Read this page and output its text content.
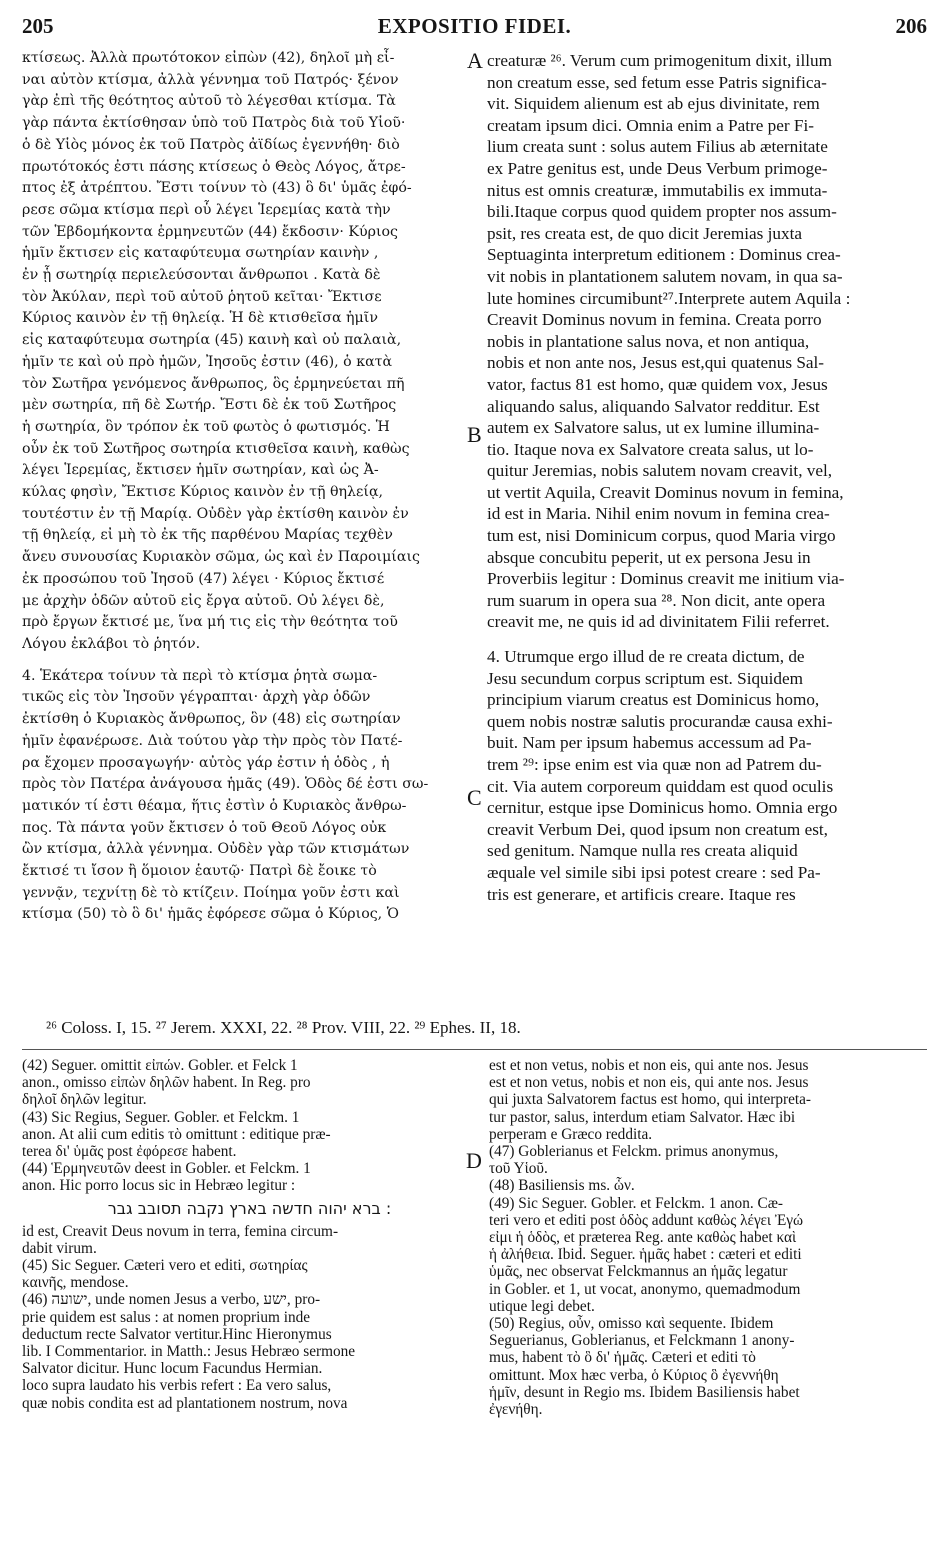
205	EXPOSITIO FIDEI.	206
κτίσεως. Ἀλλὰ πρωτότοκον εἰπὼν (42), δηλοῖ μὴ εἶ-
ναι αὐτὸν κτίσμα, ἀλλὰ γέννημα τοῦ Πατρός· ξένον
γὰρ ἐπὶ τῆς θεότητος αὐτοῦ τὸ λέγεσθαι κτίσμα. Τὰ
γὰρ πάντα ἐκτίσθησαν ὑπὸ τοῦ Πατρὸς διὰ τοῦ Υἱοῦ·
ὁ δὲ Υἱὸς μόνος ἐκ τοῦ Πατρὸς ἀϊδίως ἐγεννήθη· διὸ
πρωτότοκός ἐστι πάσης κτίσεως ὁ Θεὸς Λόγος, ἄτρε-
πτος ἐξ ἀτρέπτου. Ἔστι τοίνυν τὸ (43) ὃ δι' ὑμᾶς ἐφό-
ρεσε σῶμα κτίσμα περὶ οὗ λέγει Ἱερεμίας κατὰ τὴν
τῶν Ἑβδομήκοντα ἑρμηνευτῶν (44) ἔκδοσιν· Κύριος
ἡμῖν ἔκτισεν εἰς καταφύτευμα σωτηρίαν καινὴν ,
ἐν ᾗ σωτηρίᾳ περιελεύσονται ἄνθρωποι . Κατὰ δὲ
τὸν Ἀκύλαν, περὶ τοῦ αὐτοῦ ῥητοῦ κεῖται· Ἔκτισε
Κύριος καινὸν ἐν τῇ θηλείᾳ. Ἡ δὲ κτισθεῖσα ἡμῖν
εἰς καταφύτευμα σωτηρία (45) καινὴ καὶ οὐ παλαιὰ,
ἡμῖν τε καὶ οὐ πρὸ ἡμῶν, Ἰησοῦς ἐστιν (46), ὁ κατὰ
τὸν Σωτῆρα γενόμενος ἄνθρωπος, ὃς ἑρμηνεύεται πῆ
μὲν σωτηρία, πῆ δὲ Σωτήρ. Ἔστι δὲ ἐκ τοῦ Σωτῆρος
ἡ σωτηρία, ὃν τρόπον ἐκ τοῦ φωτὸς ὁ φωτισμός. Ἡ
οὖν ἐκ τοῦ Σωτῆρος σωτηρία κτισθεῖσα καινὴ, καθὼς
λέγει Ἱερεμίας, ἔκτισεν ἡμῖν σωτηρίαν, καὶ ὡς Ἀ-
κύλας φησὶν, Ἔκτισε Κύριος καινὸν ἐν τῇ θηλείᾳ,
τουτέστιν ἐν τῇ Μαρίᾳ. Οὐδὲν γὰρ ἐκτίσθη καινὸν ἐν
τῇ θηλείᾳ, εἰ μὴ τὸ ἐκ τῆς παρθένου Μαρίας τεχθὲν
ἄνευ συνουσίας Κυριακὸν σῶμα, ὡς καὶ ἐν Παροιμίαις
ἐκ προσώπου τοῦ Ἰησοῦ (47) λέγει · Κύριος ἔκτισέ
με ἀρχὴν ὁδῶν αὐτοῦ εἰς ἔργα αὐτοῦ. Οὐ λέγει δὲ,
πρὸ ἔργων ἔκτισέ με, ἵνα μή τις εἰς τὴν θεότητα τοῦ
Λόγου ἐκλάβοι τὸ ῥητόν.
4. Ἑκάτερα τοίνυν τὰ περὶ τὸ κτίσμα ῥητὰ σωμα-
τικῶς εἰς τὸν Ἰησοῦν γέγραπται· ἀρχὴ γὰρ ὁδῶν
ἐκτίσθη ὁ Κυριακὸς ἄνθρωπος, ὃν (48) εἰς σωτηρίαν
ἡμῖν ἐφανέρωσε. Διὰ τούτου γὰρ τὴν πρὸς τὸν Πατέ-
ρα ἔχομεν προσαγωγήν· αὐτὸς γάρ ἐστιν ἡ ὁδὸς , ἡ
πρὸς τὸν Πατέρα ἀνάγουσα ἡμᾶς (49). Ὁδὸς δέ ἐστι σω-
ματικόν τί ἐστι θέαμα, ἥτις ἐστὶν ὁ Κυριακὸς ἄνθρω-
πος. Τὰ πάντα γοῦν ἔκτισεν ὁ τοῦ Θεοῦ Λόγος οὐκ
ὢν κτίσμα, ἀλλὰ γέννημα. Οὐδὲν γὰρ τῶν κτισμάτων
ἔκτισέ τι ἴσον ἢ ὅμοιον ἑαυτῷ· Πατρὶ δὲ ἔοικε τὸ
γεννᾷν, τεχνίτῃ δὲ τὸ κτίζειν. Ποίημα γοῦν ἐστι καὶ
κτίσμα (50) τὸ ὃ δι' ἡμᾶς ἐφόρεσε σῶμα ὁ Κύριος, Ὁ
A
B
C
D
creaturæ ²⁶. Verum cum primogenitum dixit, illum
non creatum esse, sed fetum esse Patris significa-
vit. Siquidem alienum est ab ejus divinitate, rem
creatam ipsum dici. Omnia enim a Patre per Fi-
lium creata sunt : solus autem Filius ab æternitate
ex Patre genitus est, unde Deus Verbum primoge-
nitus est omnis creaturæ, immutabilis ex immuta-
bili.Itaque corpus quod quidem propter nos assum-
psit, res creata est, de quo dicit Jeremias juxta
Septuaginta interpretum editionem : Dominus crea-
vit nobis in plantationem salutem novam, in qua sa-
lute homines circumibunt²⁷.Interprete autem Aquila :
Creavit Dominus novum in femina. Creata porro
nobis in plantatione salus nova, et non antiqua,
nobis et non ante nos, Jesus est,qui quatenus Sal-
vator, factus 81 est homo, quæ quidem vox, Jesus
aliquando salus, aliquando Salvator redditur. Est
autem ex Salvatore salus, ut ex lumine illumina-
tio. Itaque nova ex Salvatore creata salus, ut lo-
quitur Jeremias, nobis salutem novam creavit, vel,
ut vertit Aquila, Creavit Dominus novum in femina,
id est in Maria. Nihil enim novum in femina crea-
tum est, nisi Dominicum corpus, quod Maria virgo
absque concubitu peperit, ut ex persona Jesu in
Proverbiis legitur : Dominus creavit me initium via-
rum suarum in opera sua ²⁸. Non dicit, ante opera
creavit me, ne quis id ad divinitatem Filii referret.
4. Utrumque ergo illud de re creata dictum, de
Jesu secundum corpus scriptum est. Siquidem
principium viarum creatus est Dominicus homo,
quem nobis nostræ salutis procurandæ causa exhi-
buit. Nam per ipsum habemus accessum ad Pa-
trem ²⁹: ipse enim est via quæ non ad Patrem du-
cit. Via autem corporeum quiddam est quod oculis
cernitur, estque ipse Dominicus homo. Omnia ergo
creavit Verbum Dei, quod ipsum non creatum est,
sed genitum. Namque nulla res creata aliquid
æquale vel simile sibi ipsi potest creare : sed Pa-
tris est generare, et artificis creare. Itaque res
²⁶ Coloss. I, 15. ²⁷ Jerem. XXXI, 22. ²⁸ Prov. VIII, 22. ²⁹ Ephes. II, 18.
(42) Seguer. omittit εἰπών. Gobler. et Felck 1
anon., omisso εἰπὼν δηλῶν habent. In Reg. pro
δηλοῖ δηλῶν legitur.
(43) Sic Regius, Seguer. Gobler. et Felckm. 1
anon. At alii cum editis τὸ omittunt : editique præ-
terea δι' ὑμᾶς post ἐφόρεσε habent.
(44) Ἑρμηνευτῶν deest in Gobler. et Felckm. 1
anon. Hic porro locus sic in Hebræo legitur :
ברא יהוה חדשה בארץ נקבה תסובב גבר :
id est, Creavit Deus novum in terra, femina circum-
dabit virum.
(45) Sic Seguer. Cæteri vero et editi, σωτηρίας
καινῆς, mendose.
(46) ישועה, unde nomen Jesus a verbo, ישע, pro-
prie quidem est salus : at nomen proprium inde
deductum recte Salvator vertitur.Hinc Hieronymus
lib. I Commentarior. in Matth.: Jesus Hebræo sermone
Salvator dicitur. Hunc locum Facundus Hermian.
loco supra laudato his verbis refert : Ea vero salus,
quæ nobis condita est ad plantationem nostrum, nova
est et non vetus, nobis et non eis, qui ante nos. Jesus
est et non vetus, nobis et non eis, qui ante nos. Jesus
qui juxta Salvatorem factus est homo, qui interpreta-
tur pastor, salus, interdum etiam Salvator. Hæc ibi
perperam e Græco reddita.
(47) Goblerianus et Felckm. primus anonymus,
τοῦ Υἱοῦ.
(48) Basiliensis ms. ὧν.
(49) Sic Seguer. Gobler. et Felckm. 1 anon. Cæ-
teri vero et editi post ὁδὸς addunt καθὼς λέγει Ἐγώ
εἰμι ἡ ὁδὸς, et præterea Reg. ante καθὼς habet καὶ
ἡ ἀλήθεια. Ibid. Seguer. ἡμᾶς habet : cæteri et editi
ὑμᾶς, nec observat Felckmannus an ἡμᾶς legatur
in Gobler. et 1, ut vocat, anonymo, quemadmodum
utique legi debet.
(50) Regius, οὖν, omisso καὶ sequente. Ibidem
Seguerianus, Goblerianus, et Felckmann 1 anony-
mus, habent τὸ ὃ δι' ἡμᾶς. Cæteri et editi τὸ
omittunt. Mox hæc verba, ὁ Κύριος ὃ ἐγεννήθη
ἡμῖν, desunt in Regio ms. Ibidem Basiliensis habet
ἐγενήθη.
